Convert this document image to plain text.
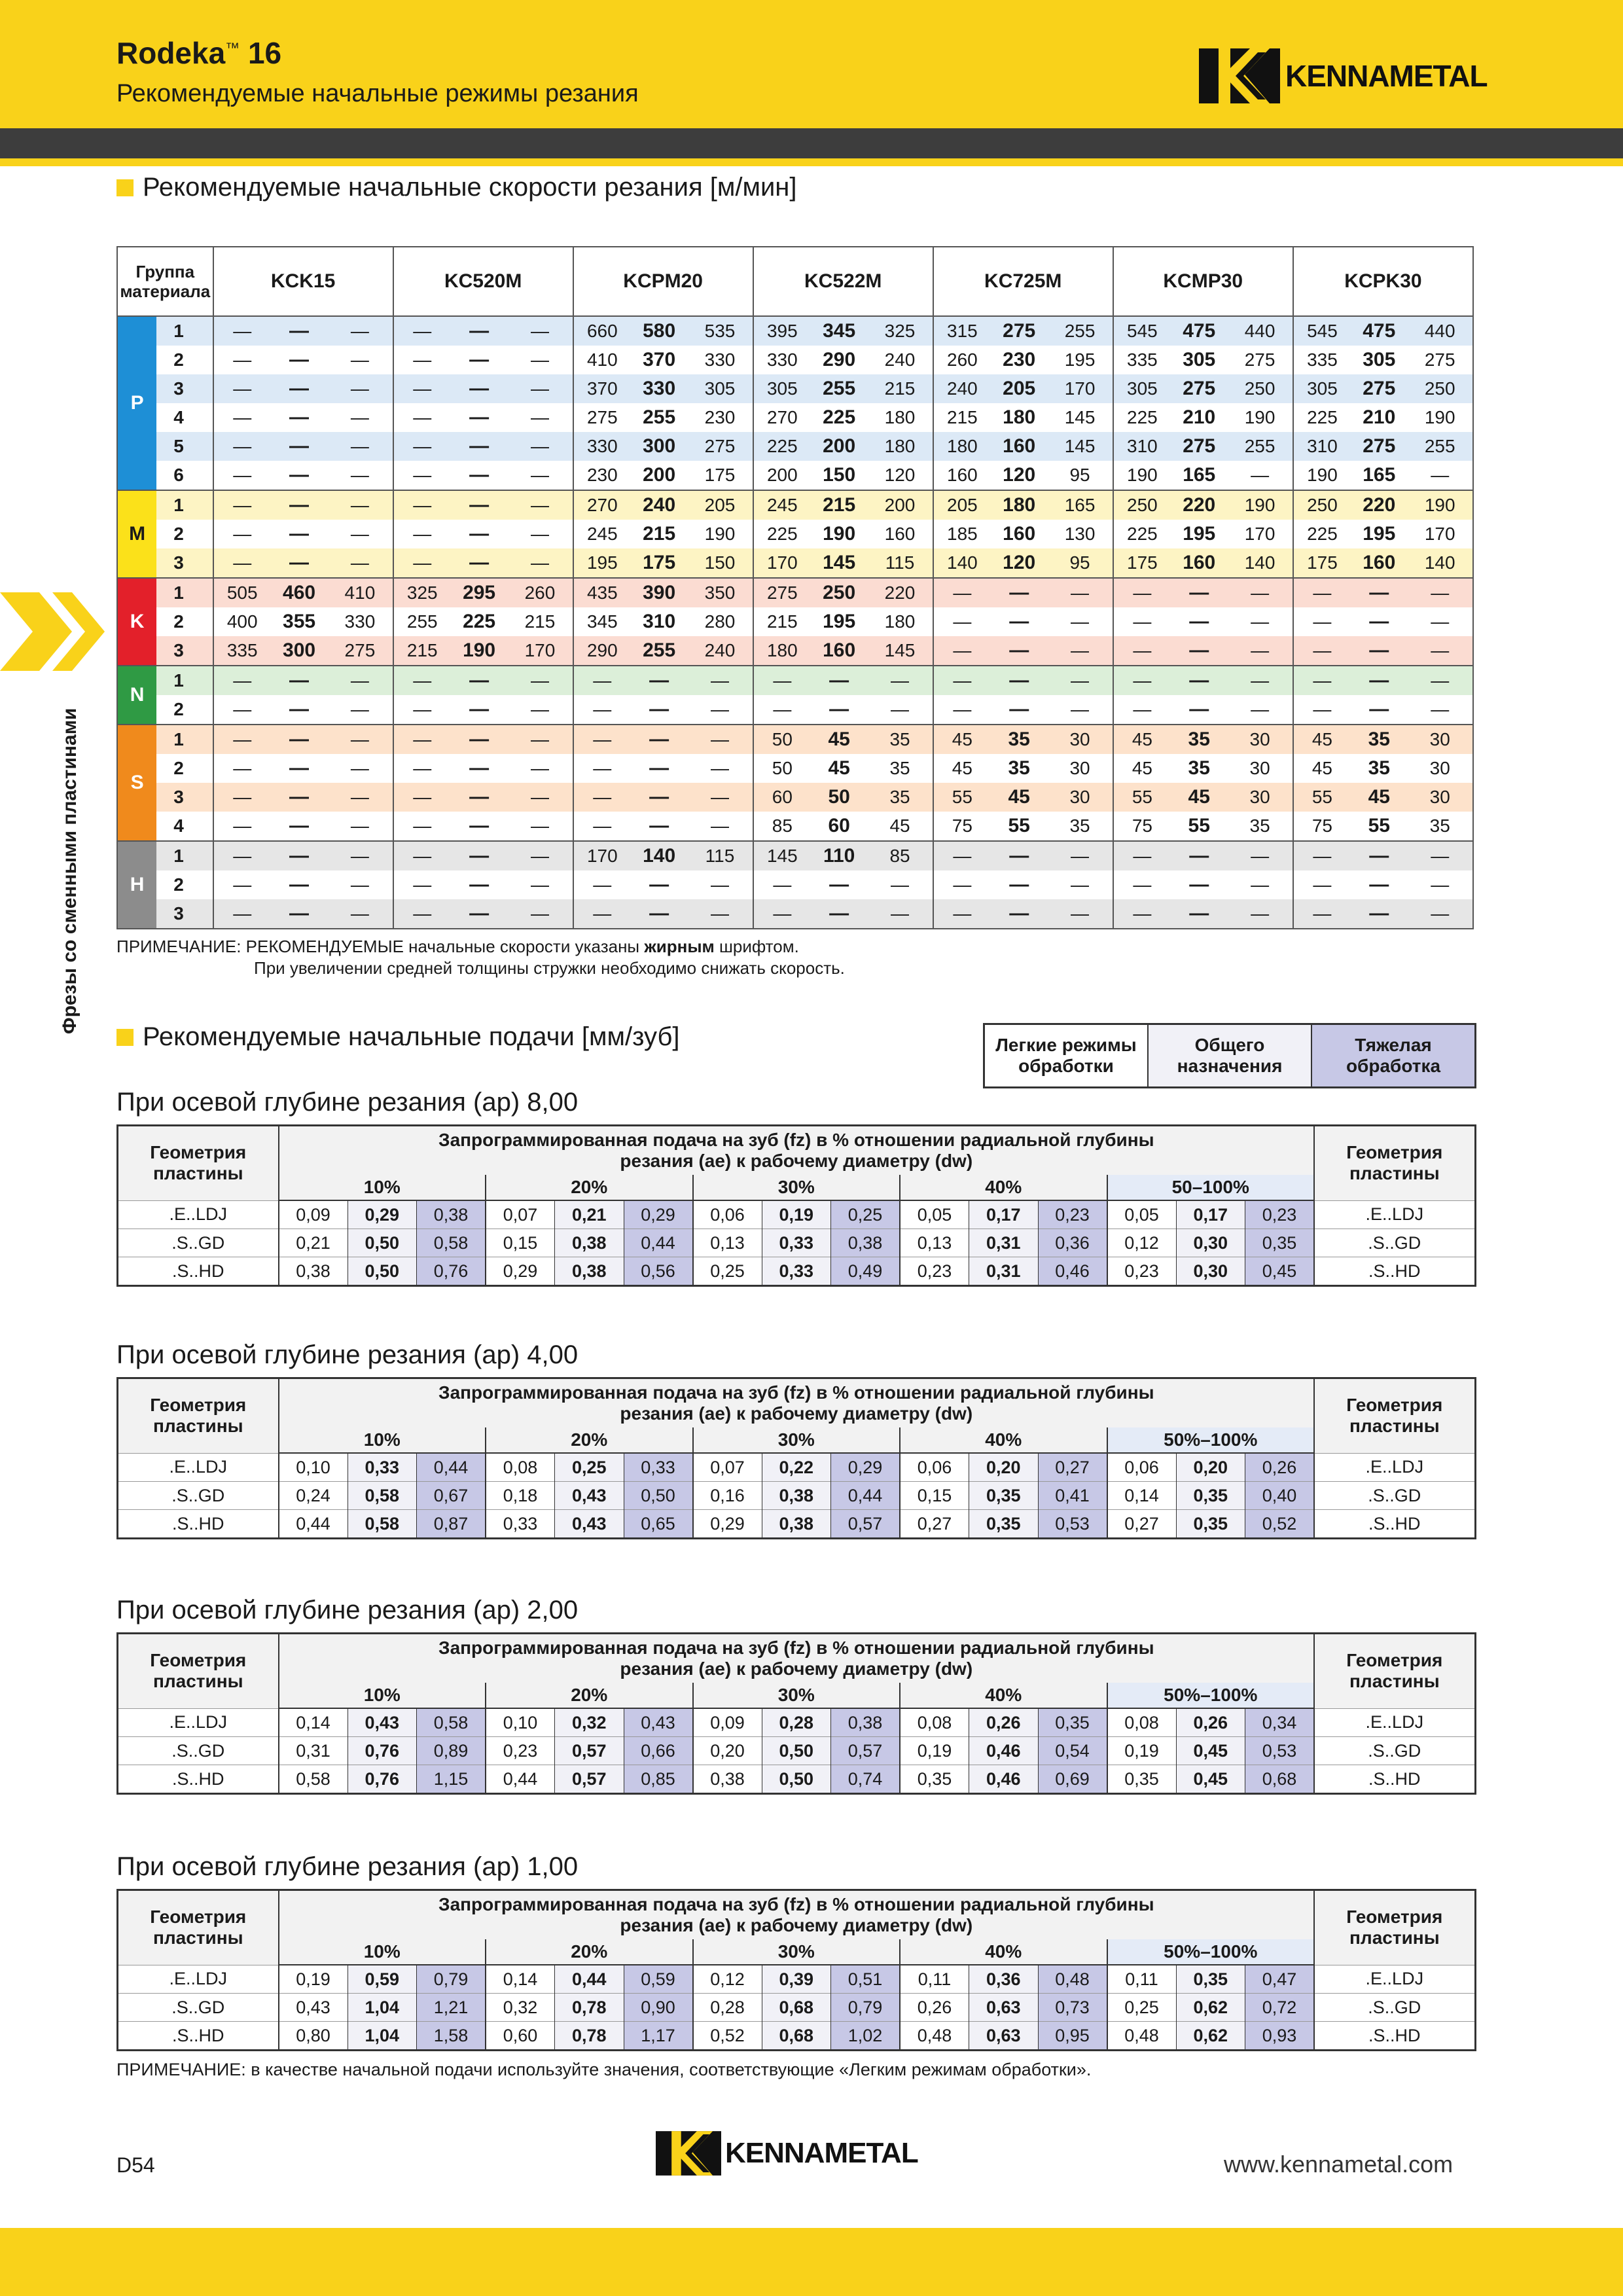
Rodeka™ 16
Рекомендуемые начальные режимы резания
KENNAMETAL
Фрезы со сменными пластинами
Рекомендуемые начальные скорости резания [м/мин]
Группа
материала		KCK15			KC520M			KCPM20			KC522M			KC725M			KCMP30			KCPK30		
P	1	—	—	—	—	—	—	660	580	535	395	345	325	315	275	255	545	475	440	545	475	440
	2	—	—	—	—	—	—	410	370	330	330	290	240	260	230	195	335	305	275	335	305	275
	3	—	—	—	—	—	—	370	330	305	305	255	215	240	205	170	305	275	250	305	275	250
	4	—	—	—	—	—	—	275	255	230	270	225	180	215	180	145	225	210	190	225	210	190
	5	—	—	—	—	—	—	330	300	275	225	200	180	180	160	145	310	275	255	310	275	255
	6	—	—	—	—	—	—	230	200	175	200	150	120	160	120	95	190	165	—	190	165	—
M	1	—	—	—	—	—	—	270	240	205	245	215	200	205	180	165	250	220	190	250	220	190
	2	—	—	—	—	—	—	245	215	190	225	190	160	185	160	130	225	195	170	225	195	170
	3	—	—	—	—	—	—	195	175	150	170	145	115	140	120	95	175	160	140	175	160	140
K	1	505	460	410	325	295	260	435	390	350	275	250	220	—	—	—	—	—	—	—	—	—
	2	400	355	330	255	225	215	345	310	280	215	195	180	—	—	—	—	—	—	—	—	—
	3	335	300	275	215	190	170	290	255	240	180	160	145	—	—	—	—	—	—	—	—	—
N	1	—	—	—	—	—	—	—	—	—	—	—	—	—	—	—	—	—	—	—	—	—
	2	—	—	—	—	—	—	—	—	—	—	—	—	—	—	—	—	—	—	—	—	—
S	1	—	—	—	—	—	—	—	—	—	50	45	35	45	35	30	45	35	30	45	35	30
	2	—	—	—	—	—	—	—	—	—	50	45	35	45	35	30	45	35	30	45	35	30
	3	—	—	—	—	—	—	—	—	—	60	50	35	55	45	30	55	45	30	55	45	30
	4	—	—	—	—	—	—	—	—	—	85	60	45	75	55	35	75	55	35	75	55	35
H	1	—	—	—	—	—	—	170	140	115	145	110	85	—	—	—	—	—	—	—	—	—
	2	—	—	—	—	—	—	—	—	—	—	—	—	—	—	—	—	—	—	—	—	—
	3	—	—	—	—	—	—	—	—	—	—	—	—	—	—	—	—	—	—	—	—	—
ПРИМЕЧАНИЕ: РЕКОМЕНДУЕМЫЕ начальные скорости указаны жирным шрифтом.
При увеличении средней толщины стружки необходимо снижать скорость.
Рекомендуемые начальные подачи [мм/зуб]	Легкие режимы обработки
Общего назначения
Тяжелая обработка
При осевой глубине резания (ap) 8,00
Геометрия пластины	Запрограммированная подача на зуб (fz) в % отношении радиальной глубины резания (ae) к рабочему диаметру (dw)															Геометрия пластины
	10%			20%			30%			40%			50–100%			
.E..LDJ	0,09	0,29	0,38	0,07	0,21	0,29	0,06	0,19	0,25	0,05	0,17	0,23	0,05	0,17	0,23	.E..LDJ
.S..GD	0,21	0,50	0,58	0,15	0,38	0,44	0,13	0,33	0,38	0,13	0,31	0,36	0,12	0,30	0,35	.S..GD
.S..HD	0,38	0,50	0,76	0,29	0,38	0,56	0,25	0,33	0,49	0,23	0,31	0,46	0,23	0,30	0,45	.S..HD
При осевой глубине резания (ap) 4,00
Геометрия пластины	Запрограммированная подача на зуб (fz) в % отношении радиальной глубины резания (ae) к рабочему диаметру (dw)															Геометрия пластины
	10%			20%			30%			40%			50%–100%			
.E..LDJ	0,10	0,33	0,44	0,08	0,25	0,33	0,07	0,22	0,29	0,06	0,20	0,27	0,06	0,20	0,26	.E..LDJ
.S..GD	0,24	0,58	0,67	0,18	0,43	0,50	0,16	0,38	0,44	0,15	0,35	0,41	0,14	0,35	0,40	.S..GD
.S..HD	0,44	0,58	0,87	0,33	0,43	0,65	0,29	0,38	0,57	0,27	0,35	0,53	0,27	0,35	0,52	.S..HD
При осевой глубине резания (ap) 2,00
Геометрия пластины	Запрограммированная подача на зуб (fz) в % отношении радиальной глубины резания (ae) к рабочему диаметру (dw)															Геометрия пластины
	10%			20%			30%			40%			50%–100%			
.E..LDJ	0,14	0,43	0,58	0,10	0,32	0,43	0,09	0,28	0,38	0,08	0,26	0,35	0,08	0,26	0,34	.E..LDJ
.S..GD	0,31	0,76	0,89	0,23	0,57	0,66	0,20	0,50	0,57	0,19	0,46	0,54	0,19	0,45	0,53	.S..GD
.S..HD	0,58	0,76	1,15	0,44	0,57	0,85	0,38	0,50	0,74	0,35	0,46	0,69	0,35	0,45	0,68	.S..HD
При осевой глубине резания (ap) 1,00
Геометрия пластины	Запрограммированная подача на зуб (fz) в % отношении радиальной глубины резания (ae) к рабочему диаметру (dw)															Геометрия пластины
	10%			20%			30%			40%			50%–100%			
.E..LDJ	0,19	0,59	0,79	0,14	0,44	0,59	0,12	0,39	0,51	0,11	0,36	0,48	0,11	0,35	0,47	.E..LDJ
.S..GD	0,43	1,04	1,21	0,32	0,78	0,90	0,28	0,68	0,79	0,26	0,63	0,73	0,25	0,62	0,72	.S..GD
.S..HD	0,80	1,04	1,58	0,60	0,78	1,17	0,52	0,68	1,02	0,48	0,63	0,95	0,48	0,62	0,93	.S..HD
ПРИМЕЧАНИЕ: в качестве начальной подачи используйте значения, соответствующие «Легким режимам обработки».
D54	KENNAMETAL	www.kennametal.com
